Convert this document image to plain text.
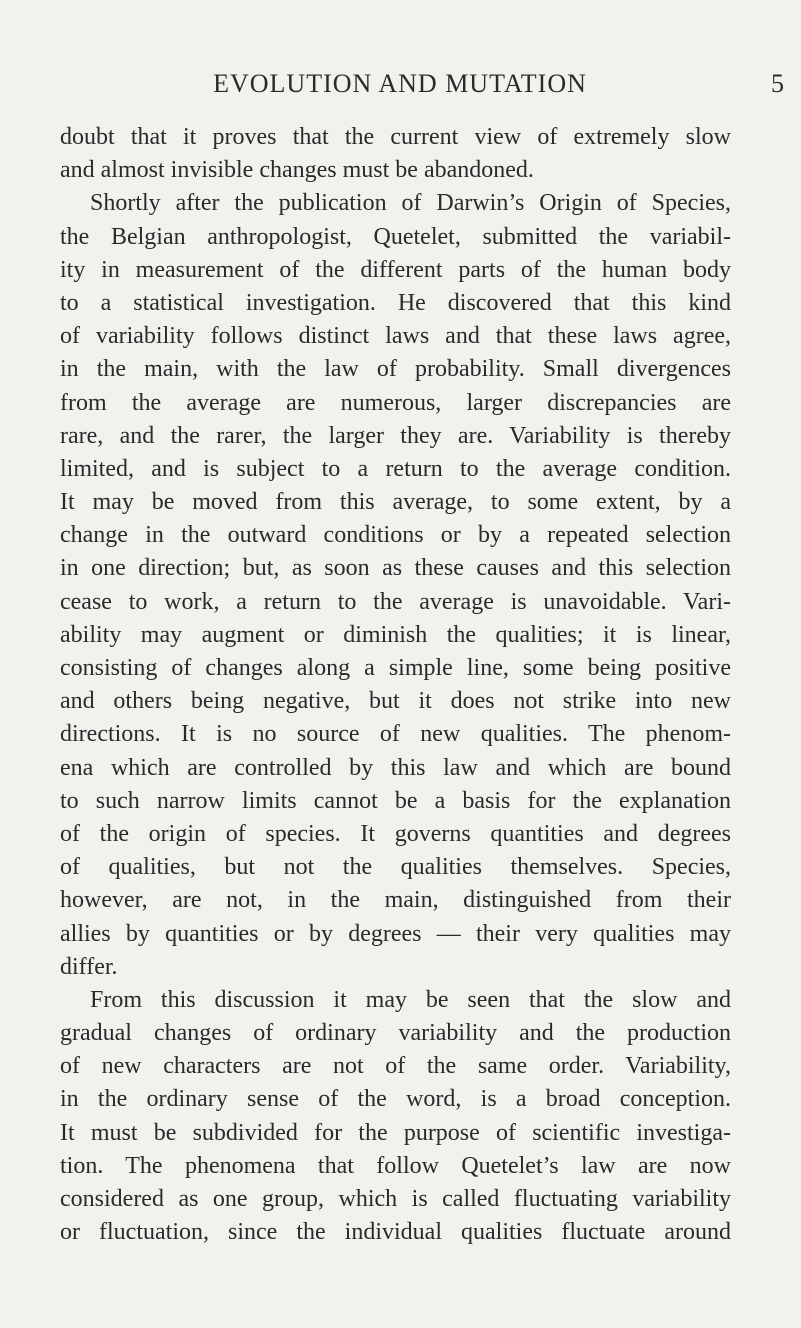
EVOLUTION AND MUTATION	5
doubt that it proves that the current view of extremely slow
and almost invisible changes must be abandoned.
Shortly after the publication of Darwin’s Origin of Species,
the Belgian anthropologist, Quetelet, submitted the variabil-
ity in measurement of the different parts of the human body
to a statistical investigation. He discovered that this kind
of variability follows distinct laws and that these laws agree,
in the main, with the law of probability. Small divergences
from the average are numerous, larger discrepancies are
rare, and the rarer, the larger they are. Variability is thereby
limited, and is subject to a return to the average condition.
It may be moved from this average, to some extent, by a
change in the outward conditions or by a repeated selection
in one direction; but, as soon as these causes and this selection
cease to work, a return to the average is unavoidable. Vari-
ability may augment or diminish the qualities; it is linear,
consisting of changes along a simple line, some being positive
and others being negative, but it does not strike into new
directions. It is no source of new qualities. The phenom-
ena which are controlled by this law and which are bound
to such narrow limits cannot be a basis for the explanation
of the origin of species. It governs quantities and degrees
of qualities, but not the qualities themselves. Species,
however, are not, in the main, distinguished from their
allies by quantities or by degrees — their very qualities may
differ.
From this discussion it may be seen that the slow and
gradual changes of ordinary variability and the production
of new characters are not of the same order. Variability,
in the ordinary sense of the word, is a broad conception.
It must be subdivided for the purpose of scientific investiga-
tion. The phenomena that follow Quetelet’s law are now
considered as one group, which is called fluctuating variability
or fluctuation, since the individual qualities fluctuate around
